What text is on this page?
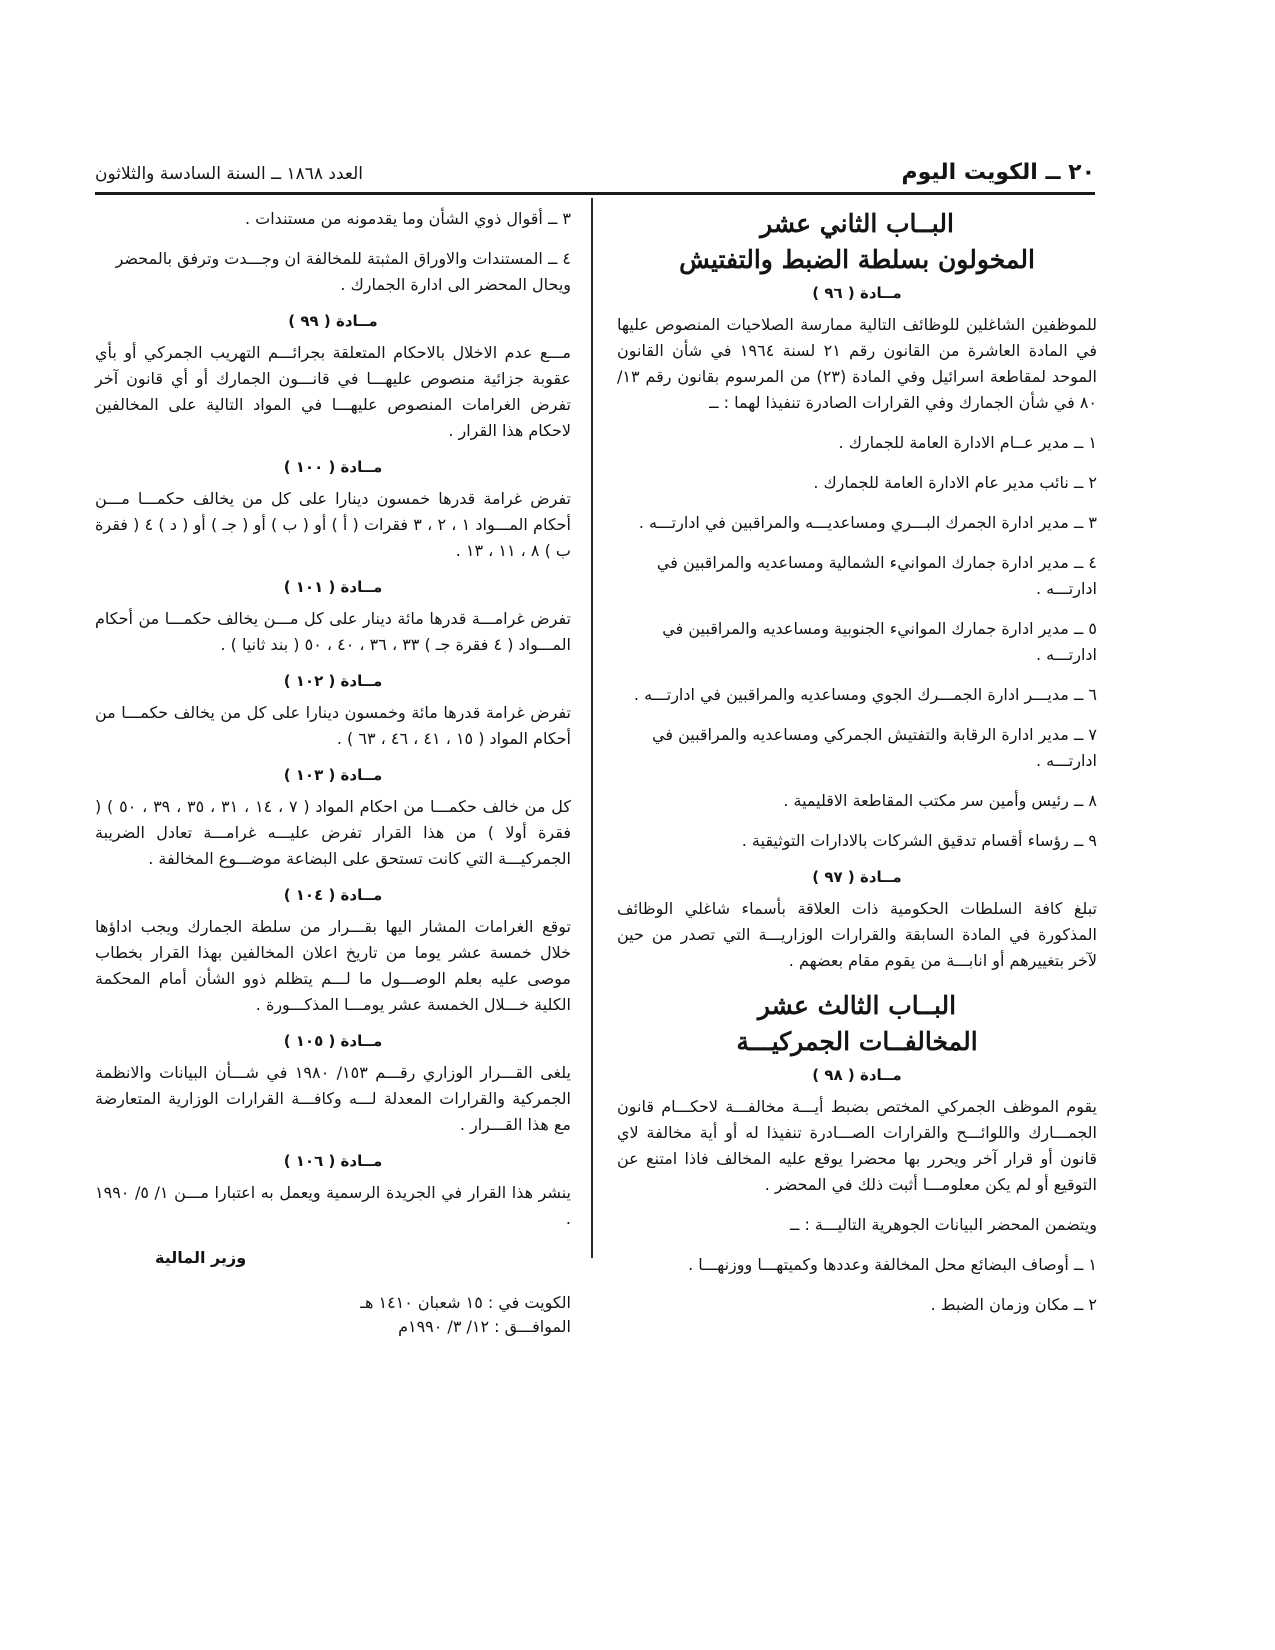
٢٠ ــ الكويت اليوم
العدد ١٨٦٨ ــ السنة السادسة والثلاثون

البــاب الثاني عشر

المخولون بسلطة الضبط والتفتيش

مــادة ( ٩٦ )

للموظفين الشاغلين للوظائف التالية ممارسة الصلاحيات المنصوص عليها في المادة العاشرة من القانون رقم ٢١ لسنة ١٩٦٤ في شأن القانون الموحد لمقاطعة اسرائيل وفي المادة (٢٣) من المرسوم بقانون رقم ١٣/ ٨٠ في شأن الجمارك وفي القرارات الصادرة تنفيذا لهما : ــ

١ ــ مدير عــام الادارة العامة للجمارك .
٢ ــ نائب مدير عام الادارة العامة للجمارك .
٣ ــ مدير ادارة الجمرك البـــري ومساعديـــه والمراقبين في ادارتـــه .
٤ ــ مدير ادارة جمارك الموانيء الشمالية ومساعديه والمراقبين في ادارتـــه .
٥ ــ مدير ادارة جمارك الموانيء الجنوبية ومساعديه والمراقبين في ادارتـــه .
٦ ــ مديـــر ادارة الجمـــرك الجوي ومساعديه والمراقبين في ادارتـــه .
٧ ــ مدير ادارة الرقابة والتفتيش الجمركي ومساعديه والمراقبين في ادارتـــه .
٨ ــ رئيس وأمين سر مكتب المقاطعة الاقليمية .
٩ ــ رؤساء أقسام تدقيق الشركات بالادارات التوثيقية .
مــادة ( ٩٧ )

تبلغ كافة السلطات الحكومية ذات العلاقة بأسماء شاغلي الوظائف المذكورة في المادة السابقة والقرارات الوزاريـــة التي تصدر من حين لآخر بتغييرهم أو انابـــة من يقوم مقام بعضهم .

البــاب الثالث عشر

المخالفــات الجمركيـــة

مــادة ( ٩٨ )

يقوم الموظف الجمركي المختص بضبط أيـــة مخالفـــة لاحكـــام قانون الجمـــارك واللوائـــح والقرارات الصـــادرة تنفيذا له أو أية مخالفة لاي قانون أو قرار آخر ويحرر بها محضرا يوقع عليه المخالف فاذا امتنع عن التوقيع أو لم يكن معلومـــا أثبت ذلك في المحضر .

ويتضمن المحضر البيانات الجوهرية التاليـــة : ــ

١ ــ أوصاف البضائع محل المخالفة وعددها وكميتهـــا ووزنهـــا .
٢ ــ مكان وزمان الضبط .
٣ ــ أقوال ذوي الشأن وما يقدمونه من مستندات .
٤ ــ المستندات والاوراق المثبتة للمخالفة ان وجـــدت وترفق بالمحضر ويحال المحضر الى ادارة الجمارك .
مــادة ( ٩٩ )

مـــع عدم الاخلال بالاحكام المتعلقة بجرائـــم التهريب الجمركي أو بأي عقوبة جزائية منصوص عليهـــا في قانـــون الجمارك أو أي قانون آخر تفرض الغرامات المنصوص عليهـــا في المواد التالية على المخالفين لاحكام هذا القرار .

مــادة ( ١٠٠ )

تفرض غرامة قدرها خمسون دينارا على كل من يخالف حكمـــا مـــن أحكام المـــواد ١ ، ٢ ، ٣ فقرات ( أ ) أو ( ب ) أو ( جـ ) أو ( د ) ٤ ( فقرة ب ) ٨ ، ١١ ، ١٣ .

مــادة ( ١٠١ )

تفرض غرامـــة قدرها مائة دينار على كل مـــن يخالف حكمـــا من أحكام المـــواد ( ٤ فقرة جـ ) ٣٣ ، ٣٦ ، ٤٠ ، ٥٠ ( بند ثانيا ) .

مــادة ( ١٠٢ )

تفرض غرامة قدرها مائة وخمسون دينارا على كل من يخالف حكمـــا من أحكام المواد ( ١٥ ، ٤١ ، ٤٦ ، ٦٣ ) .

مــادة ( ١٠٣ )

كل من خالف حكمـــا من احكام المواد ( ٧ ، ١٤ ، ٣١ ، ٣٥ ، ٣٩ ، ٥٠ ) ( فقرة أولا ) من هذا القرار تفرض عليـــه غرامـــة تعادل الضريبة الجمركيـــة التي كانت تستحق على البضاعة موضـــوع المخالفة .

مــادة ( ١٠٤ )

توقع الغرامات المشار اليها بقـــرار من سلطة الجمارك ويجب اداؤها خلال خمسة عشر يوما من تاريخ اعلان المخالفين بهذا القرار بخطاب موصى عليه بعلم الوصـــول ما لـــم يتظلم ذوو الشأن أمام المحكمة الكلية خـــلال الخمسة عشر يومـــا المذكـــورة .

مــادة ( ١٠٥ )

يلغى القـــرار الوزاري رقـــم ١٥٣/ ١٩٨٠ في شـــأن البيانات والانظمة الجمركية والقرارات المعدلة لـــه وكافـــة القرارات الوزارية المتعارضة مع هذا القـــرار .

مــادة ( ١٠٦ )

ينشر هذا القرار في الجريدة الرسمية ويعمل به اعتبارا مـــن ١/ ٥/ ١٩٩٠ .

وزير المالية
الكويت في : ١٥ شعبان ١٤١٠ هـ
الموافـــق : ١٢/ ٣/ ١٩٩٠م
